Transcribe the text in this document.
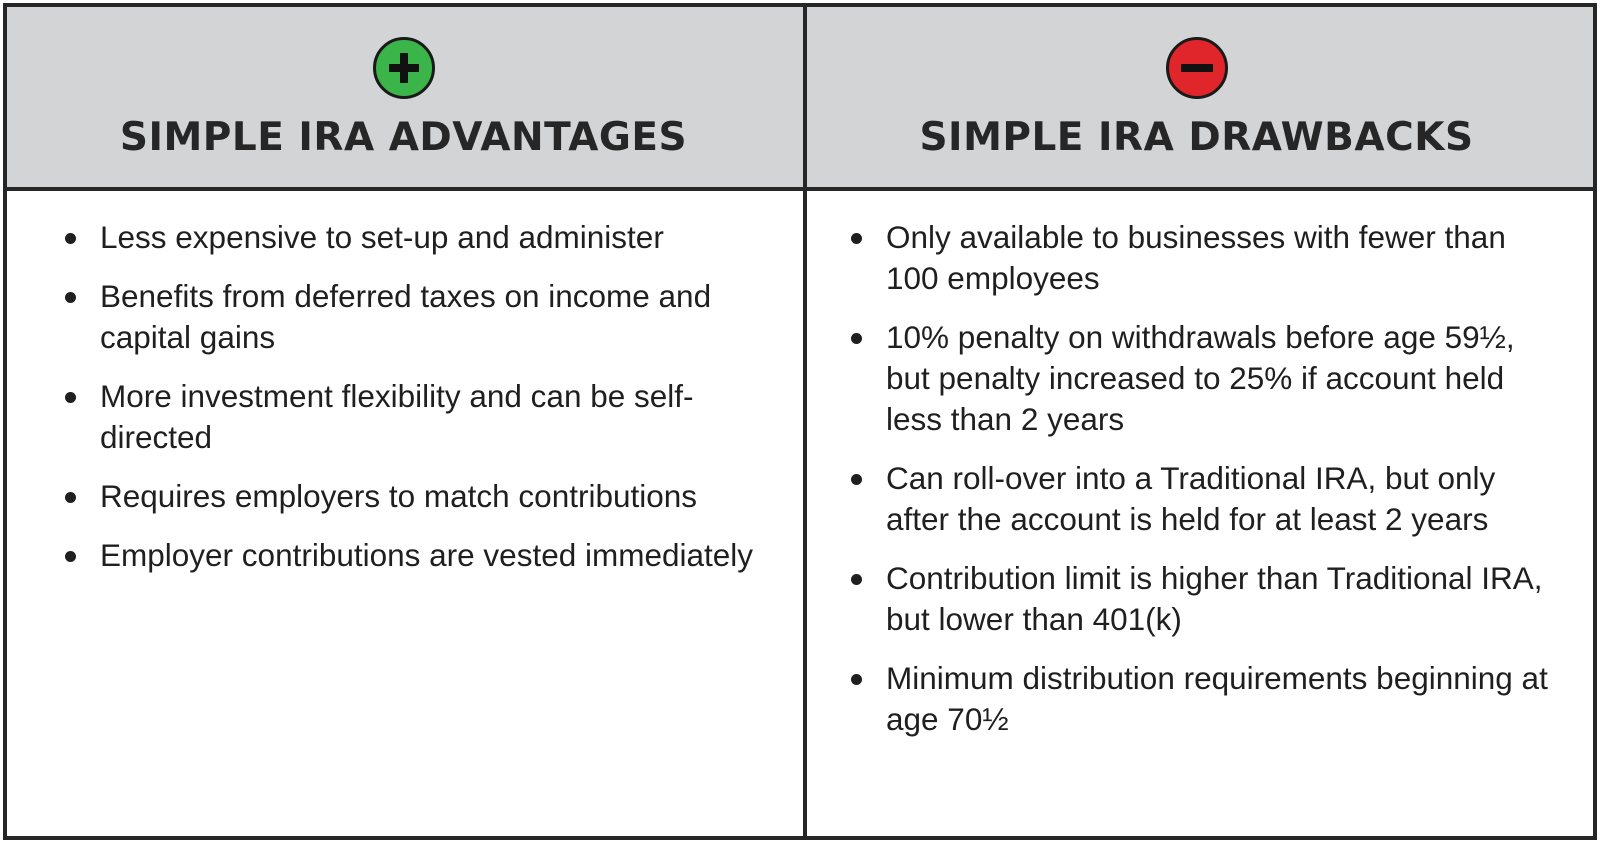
SIMPLE IRA ADVANTAGES	SIMPLE IRA DRAWBACKS
Less expensive to set-up and administer
Benefits from deferred taxes on income and capital gains
More investment flexibility and can be self-directed
Requires employers to match contributions
Employer contributions are vested immediately
Only available to businesses with fewer than 100 employees
10% penalty on withdrawals before age 59½, but penalty increased to 25% if account held less than 2 years
Can roll-over into a Traditional IRA, but only after the account is held for at least 2 years
Contribution limit is higher than Traditional IRA, but lower than 401(k)
Minimum distribution requirements beginning at age 70½
